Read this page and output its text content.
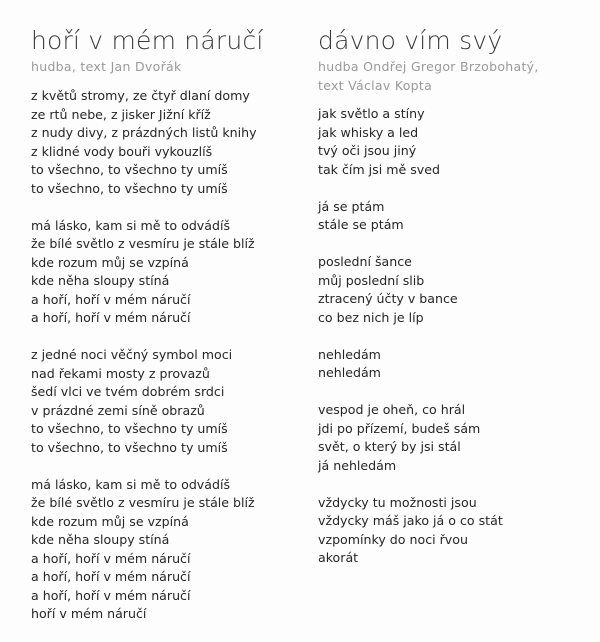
hoří v mém náručí
hudba, text Jan Dvořák
z květů stromy, ze čtyř dlaní domy
ze rtů nebe, z jisker Jižní kříž
z nudy divy, z prázdných listů knihy
z klidné vody bouři vykouzlíš
to všechno, to všechno ty umíš
to všechno, to všechno ty umíš
má lásko, kam si mě to odvádíš
že bílé světlo z vesmíru je stále blíž
kde rozum můj se vzpíná
kde něha sloupy stíná
a hoří, hoří v mém náručí
a hoří, hoří v mém náručí
z jedné noci věčný symbol moci
nad řekami mosty z provazů
šedí vlci ve tvém dobrém srdci
v prázdné zemi síně obrazů
to všechno, to všechno ty umíš
to všechno, to všechno ty umíš
má lásko, kam si mě to odvádíš
že bílé světlo z vesmíru je stále blíž
kde rozum můj se vzpíná
kde něha sloupy stíná
a hoří, hoří v mém náručí
a hoří, hoří v mém náručí
a hoří, hoří v mém náručí
hoří v mém náručí
dávno vím svý
hudba Ondřej Gregor Brzobohatý,
text Václav Kopta
jak světlo a stíny
jak whisky a led
tvý oči jsou jiný
tak čím jsi mě sved
já se ptám
stále se ptám
poslední šance
můj poslední slib
ztracený účty v bance
co bez nich je líp
nehledám
nehledám
vespod je oheň, co hrál
jdi po přízemí, budeš sám
svět, o který by jsi stál
já nehledám
vždycky tu možnosti jsou
vždycky máš jako já o co stát
vzpomínky do noci řvou
akorát
